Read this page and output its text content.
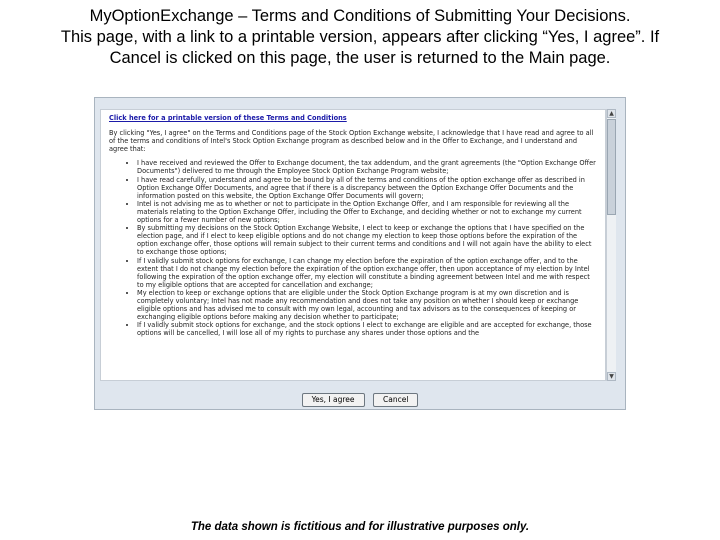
MyOptionExchange – Terms and Conditions of Submitting Your Decisions.
This page, with a link to a printable version, appears after clicking “Yes, I agree”. If
Cancel is clicked on this page, the user is returned to the Main page.
Click here for a printable version of these Terms and Conditions

By clicking "Yes, I agree" on the Terms and Conditions page of the Stock Option Exchange website, I acknowledge that I have read and agree to all of the terms and conditions of Intel's Stock Option Exchange program as described below and in the Offer to Exchange, and I understand and agree that:

• I have received and reviewed the Offer to Exchange document, the tax addendum, and the grant agreements (the "Option Exchange Offer Documents") delivered to me through the Employee Stock Option Exchange Program website;
• I have read carefully, understand and agree to be bound by all of the terms and conditions of the option exchange offer as described in Option Exchange Offer Documents, and agree that if there is a discrepancy between the Option Exchange Offer Documents and the information posted on this website, the Option Exchange Offer Documents will govern;
• Intel is not advising me as to whether or not to participate in the Option Exchange Offer, and I am responsible for reviewing all the materials relating to the Option Exchange Offer, including the Offer to Exchange, and deciding whether or not to exchange my current options for a fewer number of new options;
• By submitting my decisions on the Stock Option Exchange Website, I elect to keep or exchange the options that I have specified on the election page, and if I elect to keep eligible options and do not change my election to keep those options before the expiration of the option exchange offer, those options will remain subject to their current terms and conditions and I will not again have the ability to elect to exchange those options;
• If I validly submit stock options for exchange, I can change my election before the expiration of the option exchange offer, and to the extent that I do not change my election before the expiration of the option exchange offer, then upon acceptance of my election by Intel following the expiration of the option exchange offer, my election will constitute a binding agreement between Intel and me with respect to my eligible options that are accepted for cancellation and exchange;
• My election to keep or exchange options that are eligible under the Stock Option Exchange program is at my own discretion and is completely voluntary; Intel has not made any recommendation and does not take any position on whether I should keep or exchange eligible options and has advised me to consult with my own legal, accounting and tax advisors as to the consequences of keeping or exchanging eligible options before making any decision whether to participate;
• If I validly submit stock options for exchange, and the stock options I elect to exchange are eligible and are accepted for exchange, those options will be cancelled, I will lose all of my rights to purchase any shares under those options and the
▲
▼
Yes, I agree	Cancel
The data shown is fictitious and for illustrative purposes only.
